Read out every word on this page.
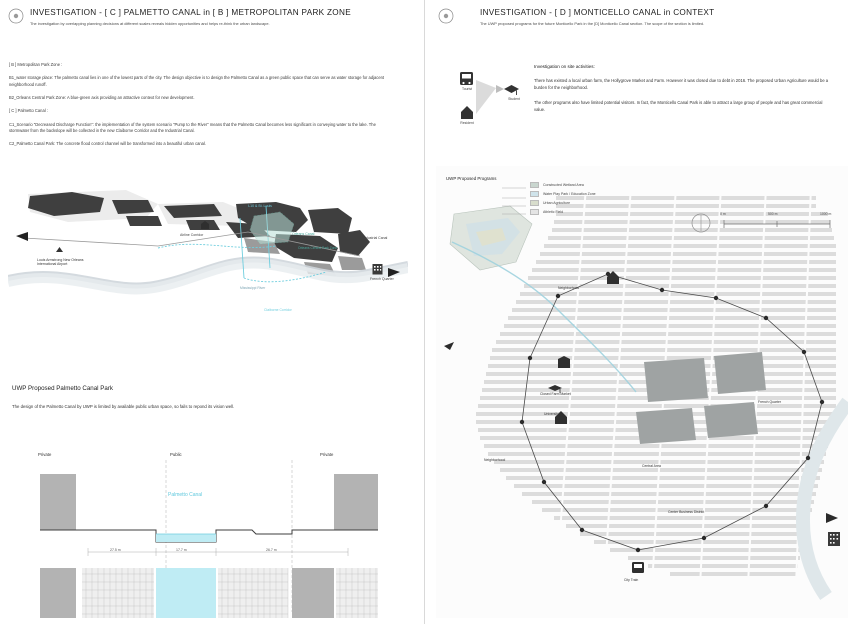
INVESTIGATION - [ C ] PALMETTO CANAL in [ B ] METROPOLITAN PARK ZONE
The investigation by overlapping planning decisions at different scales reveals hidden opportunities and helps re-think the urban landscape.

[ B ] Metropolitan Park Zone :

B1_water storage place: The palmetto canal lies in one of the lowest parts of the city. The design objective is to design the Palmetto Canal as a green public space that can serve as water storage for adjacent neighborhood runoff.

B2_Orleans Central Park Zone: A blue-green axis providing an attractive context for new development.

[ C ] Palmetto Canal :

C1_Scenario "Decreased Discharge Function": the implementation of the system scenario "Pump to the River" means that the Palmetto Canal becomes less significant in conveying water to the lake. The stormwater from the backslope will be collected in the new Claiborne Corridor and the Industrial Canal.

C2_Palmetto Canal Park: The concrete flood control channel will be transformed into a beautiful urban canal.

Louis Armstrong New Orleans International Airport
Airline Corridor
I-10 & St. Louis
Orleans Canal
Orleans Central Park Zone
Industrial Canal
French Quarter
Mississippi River
Claiborne Corridor
UWP Proposed Palmetto Canal Park
The design of the Palmetto Canal by UWP is limited by available public urban space, so fails to repond its vision well.
Private	Public	Private
Palmetto Canal
27.5 m	17.7 m	26.7 m
INVESTIGATION - [ D ] MONTICELLO CANAL in CONTEXT
The UWP proposed programs for the future Monticello Park in the [D] Monticello Canal section. The scope of the section is limited.
Tourist
Resident
Student
Investigation on site activities:

There has existed a local urban farm, the Hollygrove Market and Farm. However it was closed due to debt in 2016. The proposed Urban Agriculture would be a burden for the neighborhood.

The other programs also have limited potential visitors. In fact, the Monticello Canal Park is able to attract a large group of people and has great commercial value.

Neighborhood
Closed Farm Market
University
Neighborhood
Central Area
Center Business District
French Quarter
City Train
UWP Proposed Programs
Constructed Wetland Area
Water Play Park / Education Zone
Urban Agriculture
Athletic Field	0 m	500 m	1000 m
